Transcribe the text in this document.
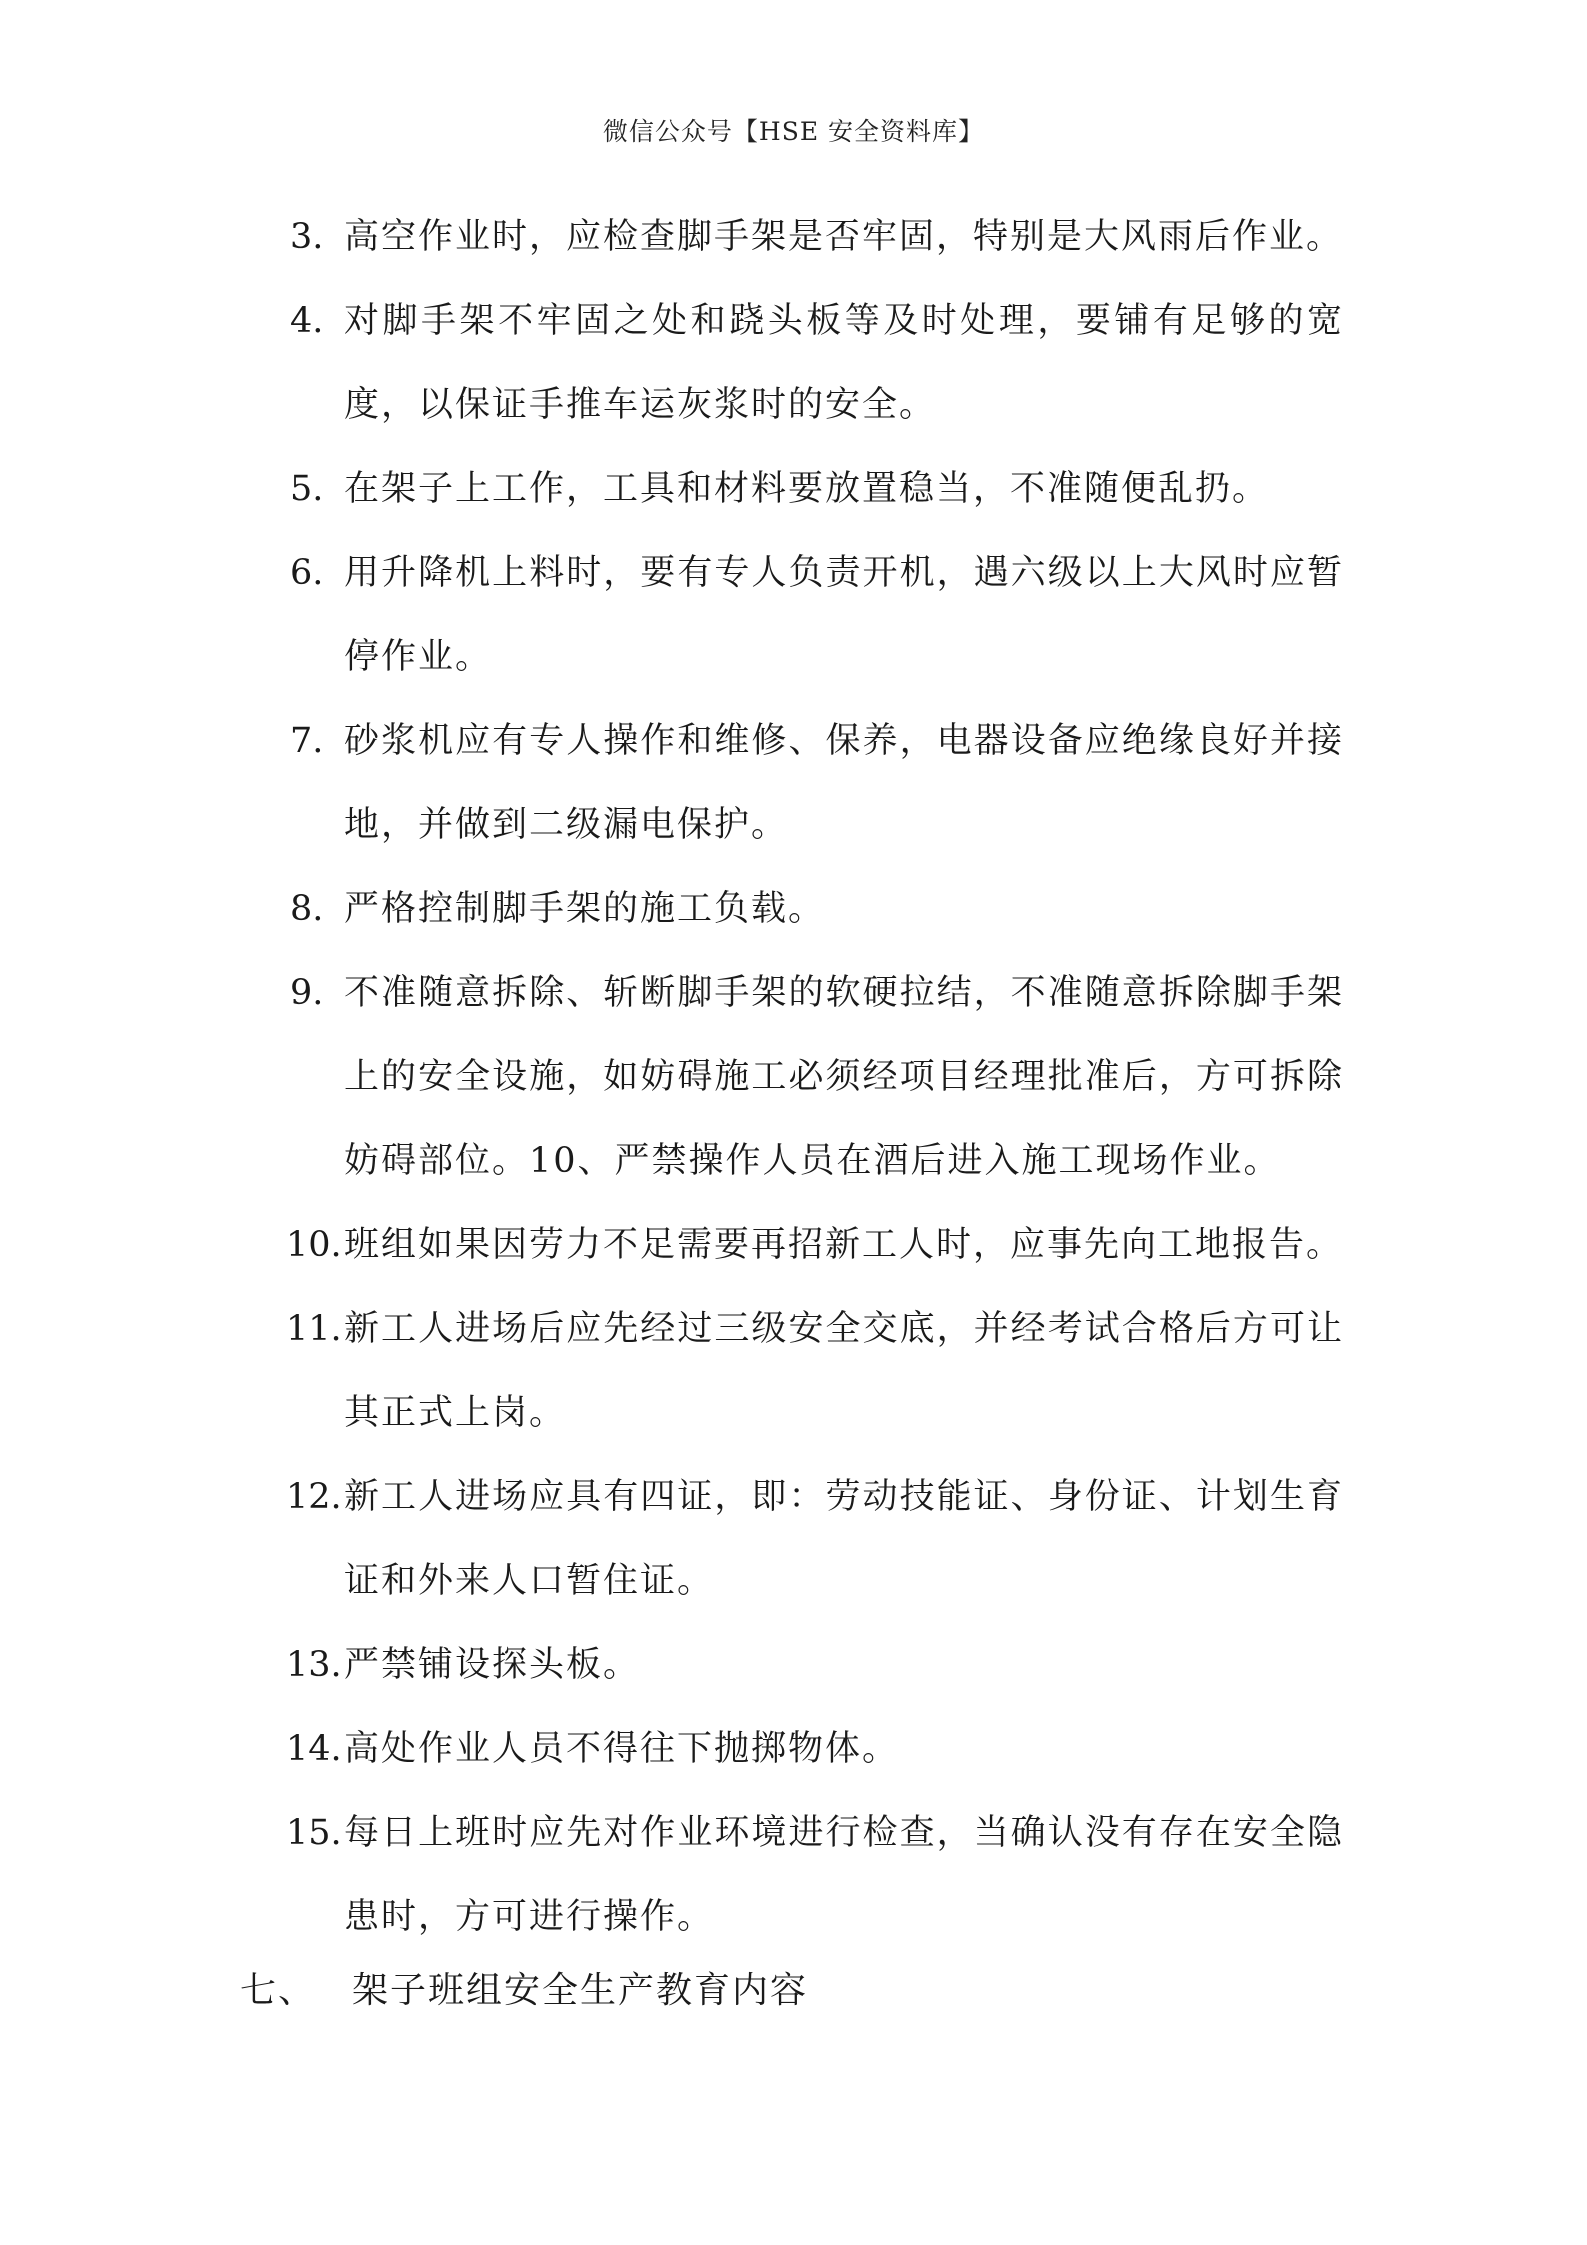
微信公众号【HSE 安全资料库】
3. 高空作业时，应检查脚手架是否牢固，特别是大风雨后作业。
4. 对脚手架不牢固之处和跷头板等及时处理，要铺有足够的宽度，以保证手推车运灰浆时的安全。
5. 在架子上工作，工具和材料要放置稳当，不准随便乱扔。
6. 用升降机上料时，要有专人负责开机，遇六级以上大风时应暂停作业。
7. 砂浆机应有专人操作和维修、保养，电器设备应绝缘良好并接地，并做到二级漏电保护。
8. 严格控制脚手架的施工负载。
9. 不准随意拆除、斩断脚手架的软硬拉结，不准随意拆除脚手架上的安全设施，如妨碍施工必须经项目经理批准后，方可拆除妨碍部位。10、严禁操作人员在酒后进入施工现场作业。
10. 班组如果因劳力不足需要再招新工人时，应事先向工地报告。
11. 新工人进场后应先经过三级安全交底，并经考试合格后方可让其正式上岗。
12. 新工人进场应具有四证，即：劳动技能证、身份证、计划生育证和外来人口暂住证。
13. 严禁铺设探头板。
14. 高处作业人员不得往下抛掷物体。
15. 每日上班时应先对作业环境进行检查，当确认没有存在安全隐患时，方可进行操作。
七、 架子班组安全生产教育内容
